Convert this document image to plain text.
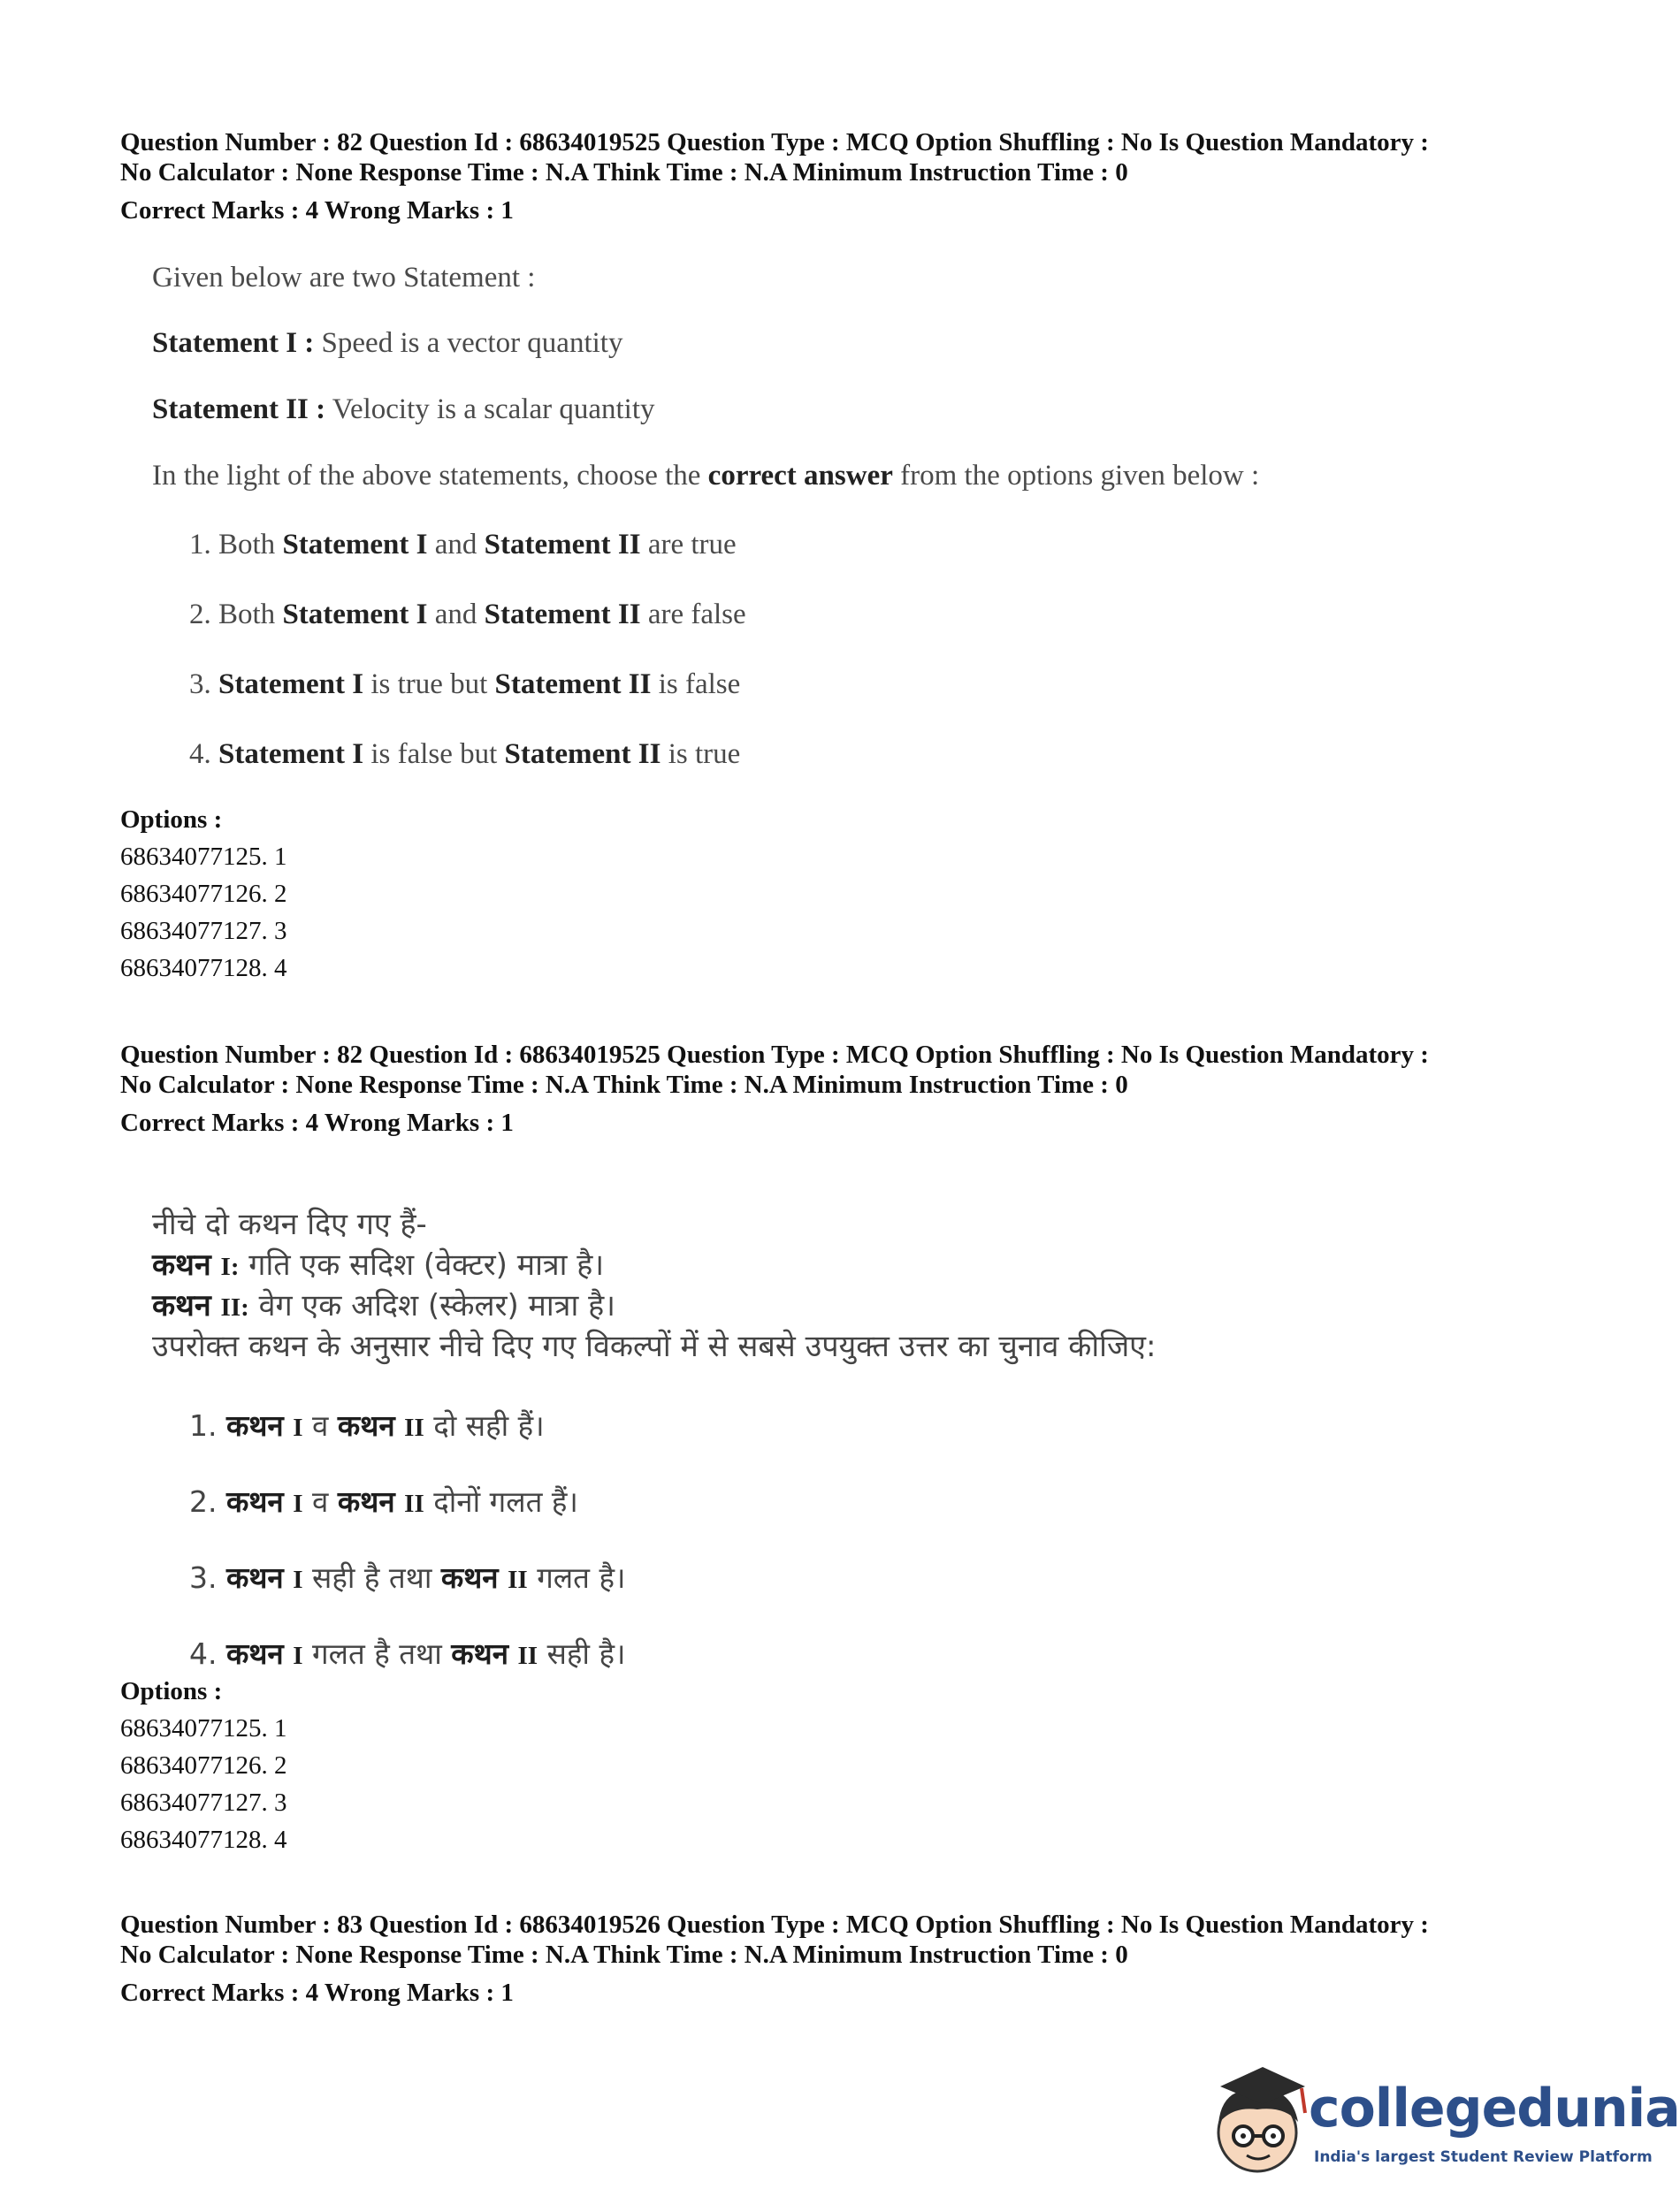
Question Number : 82 Question Id : 68634019525 Question Type : MCQ Option Shuffling : No Is Question Mandatory :

No Calculator : None Response Time : N.A Think Time : N.A Minimum Instruction Time : 0

Correct Marks : 4 Wrong Marks : 1

Given below are two Statement :

Statement I : Speed is a vector quantity

Statement II : Velocity is a scalar quantity

In the light of the above statements, choose the correct answer from the options given below :

1. Both Statement I and Statement II are true

2. Both Statement I and Statement II are false

3. Statement I is true but Statement II is false

4. Statement I is false but Statement II is true

Options :
68634077125. 1
68634077126. 2
68634077127. 3
68634077128. 4

Question Number : 82 Question Id : 68634019525 Question Type : MCQ Option Shuffling : No Is Question Mandatory :

No Calculator : None Response Time : N.A Think Time : N.A Minimum Instruction Time : 0

Correct Marks : 4 Wrong Marks : 1

नीचे दो कथन दिए गए हैं-

कथन I: गति एक सदिश (वेक्टर) मात्रा है।

कथन II: वेग एक अदिश (स्केलर) मात्रा है।

उपरोक्त कथन के अनुसार नीचे दिए गए विकल्पों में से सबसे उपयुक्त उत्तर का चुनाव कीजिए:

1. कथन I व कथन II दो सही हैं।

2. कथन I व कथन II दोनों गलत हैं।

3. कथन I सही है तथा कथन II गलत है।

4. कथन I गलत है तथा कथन II सही है।

Options :
68634077125. 1
68634077126. 2
68634077127. 3
68634077128. 4

Question Number : 83 Question Id : 68634019526 Question Type : MCQ Option Shuffling : No Is Question Mandatory :

No Calculator : None Response Time : N.A Think Time : N.A Minimum Instruction Time : 0

Correct Marks : 4 Wrong Marks : 1
collegedunia
India's largest Student Review Platform
